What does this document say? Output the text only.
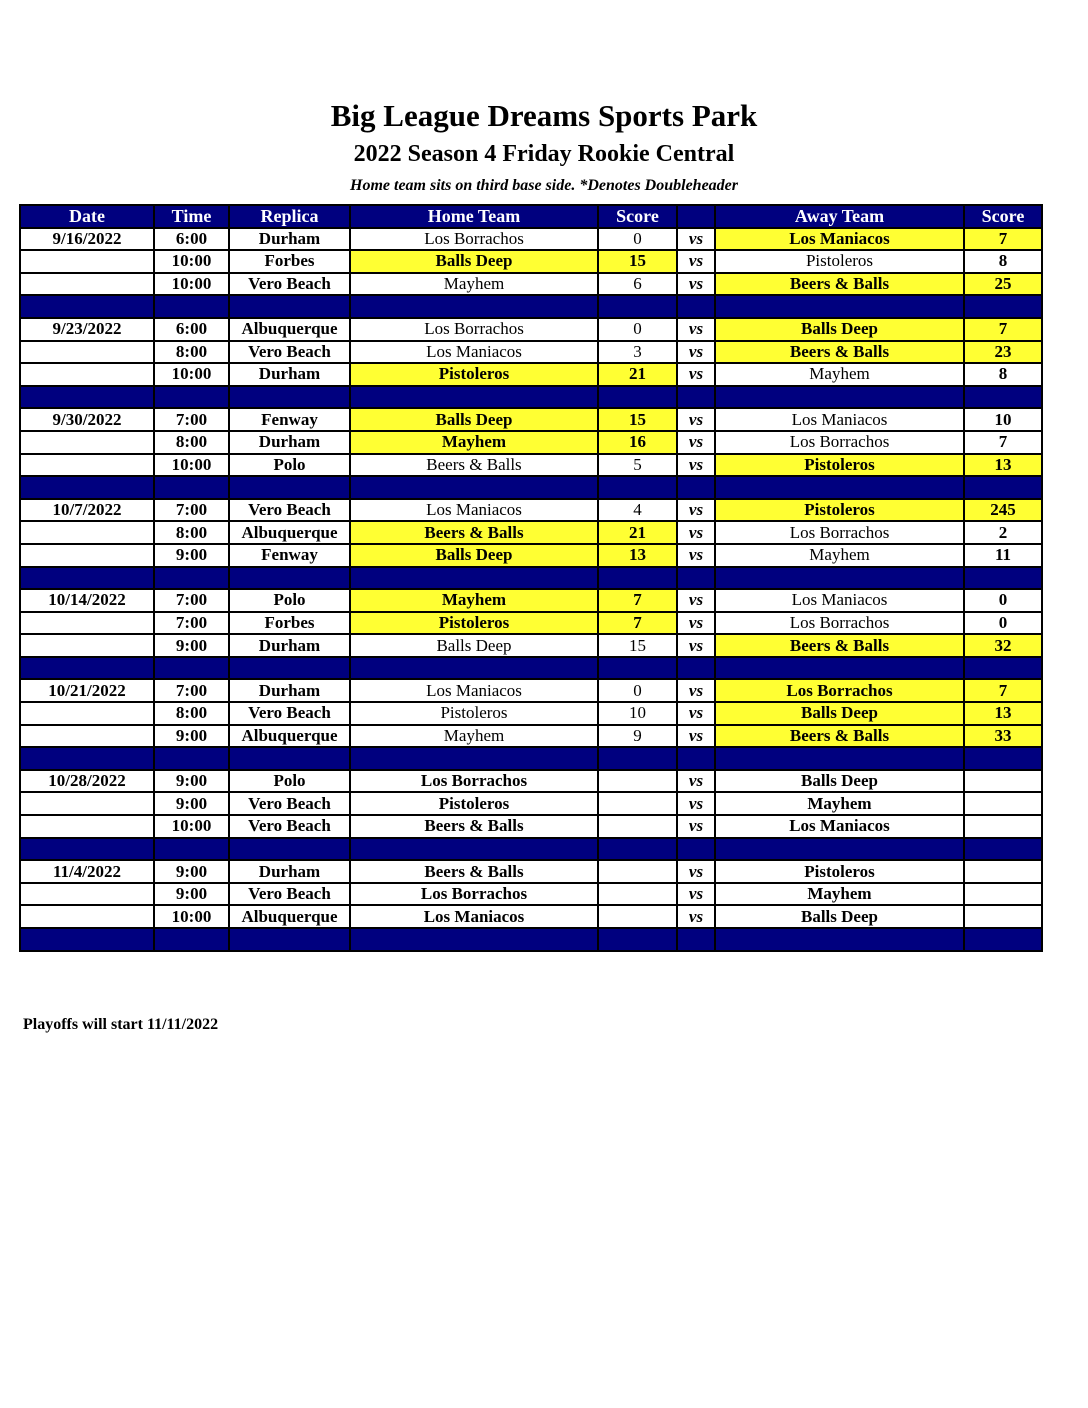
Big League Dreams Sports Park
2022 Season 4 Friday Rookie Central
Home team sits on third base side. *Denotes Doubleheader
Date	Time	Replica	Home Team	Score		Away Team	Score
9/16/2022	6:00	Durham	Los Borrachos	0	vs	Los Maniacos	7
	10:00	Forbes	Balls Deep	15	vs	Pistoleros	8
	10:00	Vero Beach	Mayhem	6	vs	Beers & Balls	25

9/23/2022	6:00	Albuquerque	Los Borrachos	0	vs	Balls Deep	7
	8:00	Vero Beach	Los Maniacos	3	vs	Beers & Balls	23
	10:00	Durham	Pistoleros	21	vs	Mayhem	8

9/30/2022	7:00	Fenway	Balls Deep	15	vs	Los Maniacos	10
	8:00	Durham	Mayhem	16	vs	Los Borrachos	7
	10:00	Polo	Beers & Balls	5	vs	Pistoleros	13

10/7/2022	7:00	Vero Beach	Los Maniacos	4	vs	Pistoleros	245
	8:00	Albuquerque	Beers & Balls	21	vs	Los Borrachos	2
	9:00	Fenway	Balls Deep	13	vs	Mayhem	11

10/14/2022	7:00	Polo	Mayhem	7	vs	Los Maniacos	0
	7:00	Forbes	Pistoleros	7	vs	Los Borrachos	0
	9:00	Durham	Balls Deep	15	vs	Beers & Balls	32

10/21/2022	7:00	Durham	Los Maniacos	0	vs	Los Borrachos	7
	8:00	Vero Beach	Pistoleros	10	vs	Balls Deep	13
	9:00	Albuquerque	Mayhem	9	vs	Beers & Balls	33

10/28/2022	9:00	Polo	Los Borrachos		vs	Balls Deep	
	9:00	Vero Beach	Pistoleros		vs	Mayhem	
	10:00	Vero Beach	Beers & Balls		vs	Los Maniacos	

11/4/2022	9:00	Durham	Beers & Balls		vs	Pistoleros	
	9:00	Vero Beach	Los Borrachos		vs	Mayhem	
	10:00	Albuquerque	Los Maniacos		vs	Balls Deep	

Playoffs will start 11/11/2022
